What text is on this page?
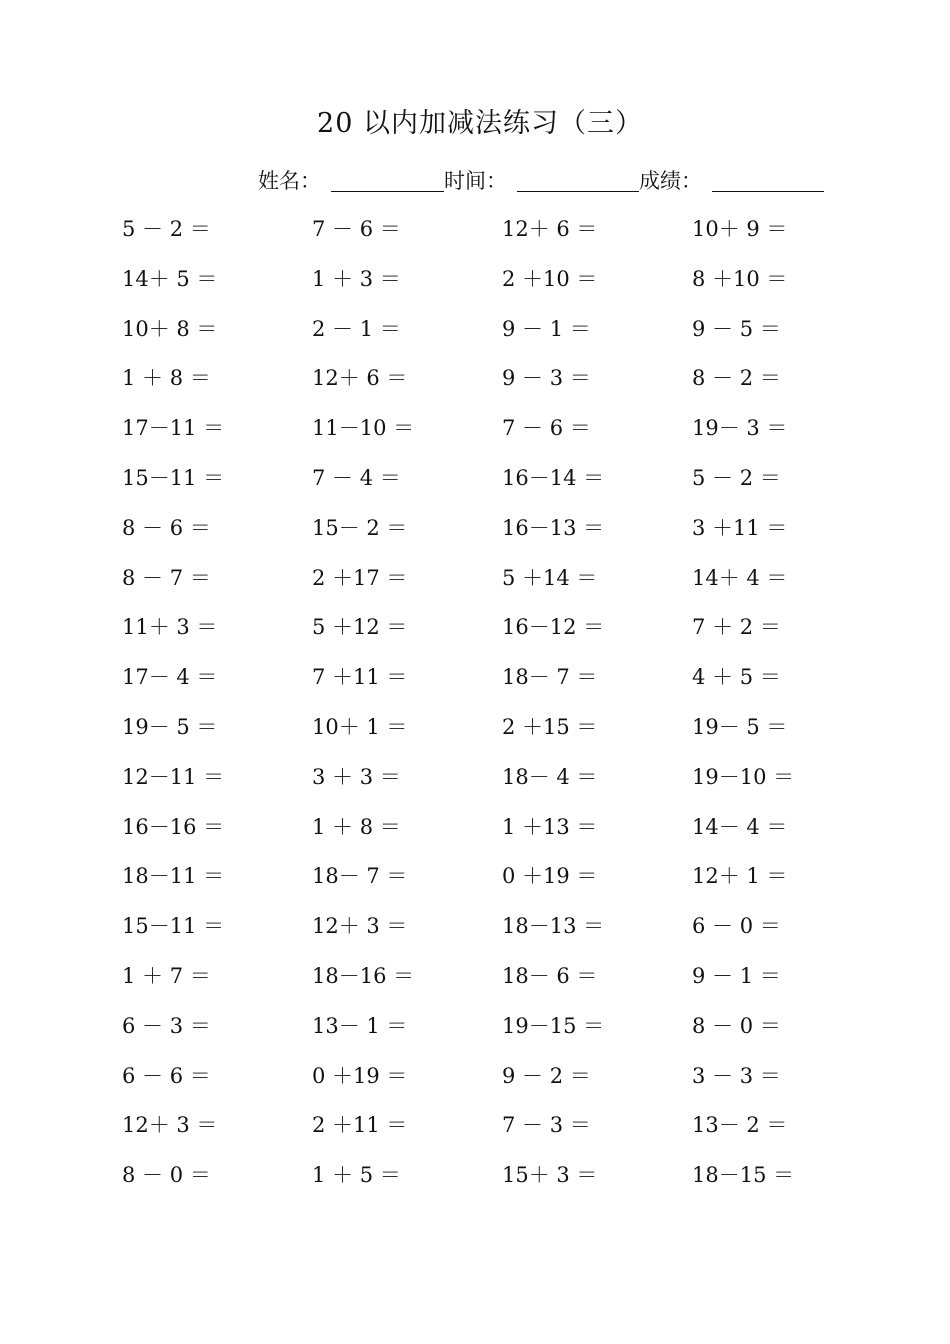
20 以内加减法练习（三）
姓名：	时间：	成绩：
5 － 2 ＝	7 － 6 ＝	12＋ 6 ＝	10＋ 9 ＝
14＋ 5 ＝	1 ＋ 3 ＝	2 ＋10 ＝	8 ＋10 ＝
10＋ 8 ＝	2 － 1 ＝	9 － 1 ＝	9 － 5 ＝
1 ＋ 8 ＝	12＋ 6 ＝	9 － 3 ＝	8 － 2 ＝
17－11 ＝	11－10 ＝	7 － 6 ＝	19－ 3 ＝
15－11 ＝	7 － 4 ＝	16－14 ＝	5 － 2 ＝
8 － 6 ＝	15－ 2 ＝	16－13 ＝	3 ＋11 ＝
8 － 7 ＝	2 ＋17 ＝	5 ＋14 ＝	14＋ 4 ＝
11＋ 3 ＝	5 ＋12 ＝	16－12 ＝	7 ＋ 2 ＝
17－ 4 ＝	7 ＋11 ＝	18－ 7 ＝	4 ＋ 5 ＝
19－ 5 ＝	10＋ 1 ＝	2 ＋15 ＝	19－ 5 ＝
12－11 ＝	3 ＋ 3 ＝	18－ 4 ＝	19－10 ＝
16－16 ＝	1 ＋ 8 ＝	1 ＋13 ＝	14－ 4 ＝
18－11 ＝	18－ 7 ＝	0 ＋19 ＝	12＋ 1 ＝
15－11 ＝	12＋ 3 ＝	18－13 ＝	6 － 0 ＝
1 ＋ 7 ＝	18－16 ＝	18－ 6 ＝	9 － 1 ＝
6 － 3 ＝	13－ 1 ＝	19－15 ＝	8 － 0 ＝
6 － 6 ＝	0 ＋19 ＝	9 － 2 ＝	3 － 3 ＝
12＋ 3 ＝	2 ＋11 ＝	7 － 3 ＝	13－ 2 ＝
8 － 0 ＝	1 ＋ 5 ＝	15＋ 3 ＝	18－15 ＝
